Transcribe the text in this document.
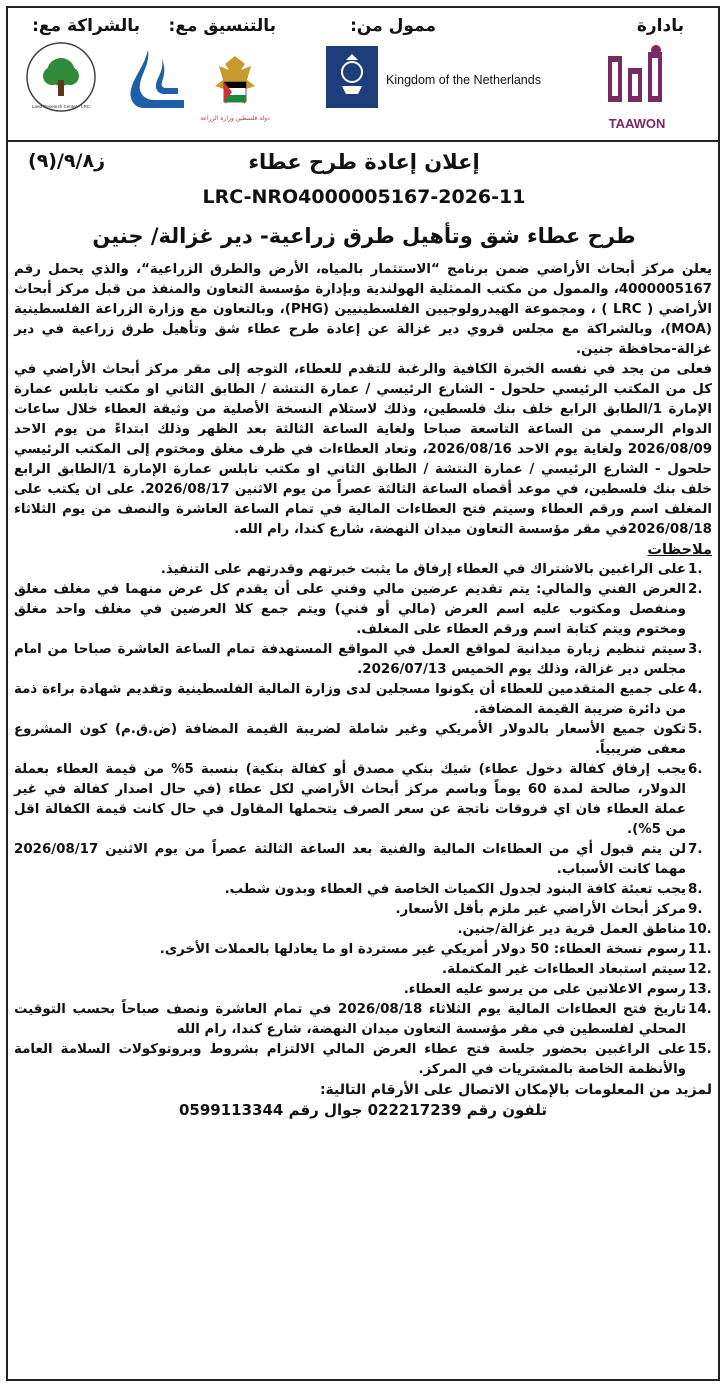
بادارة
ممول من:
بالتنسيق مع:
بالشراكة مع:
TAAWON
Kingdom of the Netherlands
دولة فلسطين وزارة الزراعة
Land Research Center - LRC
إعلان إعادة طرح عطاء
ز٩/٨/(٩)
LRC-NRO4000005167-2026-11
طرح عطاء شق وتأهيل طرق زراعية- دير غزالة/ جنين

يعلن مركز أبحاث الأراضي ضمن برنامج “الاستثمار بالمياه، الأرض والطرق الزراعية“، والذي يحمل رقم 4000005167، والممول من مكتب الممثلية الهولندية وبإدارة مؤسسة التعاون والمنفذ من قبل مركز أبحاث الأراضي ( LRC ) ، ومجموعة الهيدرولوجيين الفلسطينيين (PHG)، وبالتعاون مع وزارة الزراعة الفلسطينية (MOA)، وبالشراكة مع مجلس قروي دير غزالة عن إعادة طرح عطاء شق وتأهيل طرق زراعية في دير غزالة-محافظة جنين.

فعلى من يجد في نفسه الخبرة الكافية والرغبة للتقدم للعطاء، التوجه إلى مقر مركز أبحاث الأراضي في كل من المكتب الرئيسي حلحول - الشارع الرئيسي / عمارة النتشة / الطابق الثاني او مكتب نابلس عمارة الإمارة 1/الطابق الرابع خلف بنك فلسطين، وذلك لاستلام النسخة الأصلية من وثيقة العطاء خلال ساعات الدوام الرسمي من الساعة التاسعة صباحا ولغاية الساعة الثالثة بعد الظهر وذلك ابتداءً من يوم الاحد 2026/08/09 ولغاية يوم الاحد 2026/08/16، وتعاد العطاءات في ظرف مغلق ومختوم إلى المكتب الرئيسي حلحول - الشارع الرئيسي / عمارة النتشة / الطابق الثاني او مكتب نابلس عمارة الإمارة 1/الطابق الرابع خلف بنك فلسطين، في موعد أقصاه الساعة الثالثة عصراً من يوم الاثنين 2026/08/17. على ان يكتب على المغلف اسم ورقم العطاء وسيتم فتح العطاءات المالية في تمام الساعة العاشرة والنصف من يوم الثلاثاء 2026/08/18في مقر مؤسسة التعاون ميدان النهضة، شارع كندا، رام الله.

ملاحظات

1.
على الراغبين بالاشتراك في العطاء إرفاق ما يثبت خبرتهم وقدرتهم على التنفيذ.
2.
العرض الفني والمالي: يتم تقديم عرضين مالي وفني على أن يقدم كل عرض منهما في مغلف مغلق ومنفصل ومكتوب عليه اسم العرض (مالي أو فني) ويتم جمع كلا العرضين في مغلف واحد مغلق ومختوم ويتم كتابة اسم ورقم العطاء على المغلف.
3.
سيتم تنظيم زيارة ميدانية لمواقع العمل في المواقع المستهدفة تمام الساعة العاشرة صباحا من امام مجلس دير غزالة، وذلك يوم الخميس 2026/07/13.
4.
على جميع المتقدمين للعطاء أن يكونوا مسجلين لدى وزارة المالية الفلسطينية وتقديم شهادة براءة ذمة من دائرة ضريبة القيمة المضافة.
5.
تكون جميع الأسعار بالدولار الأمريكي وغير شاملة لضريبة القيمة المضافة (ض.ق.م) كون المشروع معفى ضريبياً.
6.
يجب إرفاق كفالة دخول عطاء) شيك بنكي مصدق أو كفالة بنكية) بنسبة 5% من قيمة العطاء بعملة الدولار، صالحة لمدة 60 يوماً وباسم مركز أبحاث الأراضي لكل عطاء (في حال اصدار كفالة في غير عملة العطاء فان اي فروقات ناتجة عن سعر الصرف يتحملها المقاول في حال كانت قيمة الكفالة اقل من 5%).
7.
لن يتم قبول أي من العطاءات المالية والفنية بعد الساعة الثالثة عصراً من يوم الاثنين 2026/08/17 مهما كانت الأسباب.
8.
يجب تعبئة كافة البنود لجدول الكميات الخاصة في العطاء وبدون شطب.
9.
مركز أبحاث الأراضي غير ملزم بأقل الأسعار.
10.
مناطق العمل قرية دير غزالة/جنين.
11.
رسوم نسخة العطاء: 50 دولار أمريكي غير مستردة او ما يعادلها بالعملات الأخرى.
12.
سيتم استبعاد العطاءات غير المكتملة.
13.
رسوم الاعلانين على من يرسو عليه العطاء.
14.
تاريخ فتح العطاءات المالية يوم الثلاثاء 2026/08/18 في تمام العاشرة ونصف صباحاً بحسب التوقيت المحلي لفلسطين في مقر مؤسسة التعاون ميدان النهضة، شارع كندا، رام الله
15.
على الراغبين بحضور جلسة فتح عطاء العرض المالي الالتزام بشروط وبروتوكولات السلامة العامة والأنظمة الخاصة بالمشتريات في المركز.

لمزيد من المعلومات بالإمكان الاتصال على الأرقام التالية:

تلفون رقم 022217239 جوال رقم 0599113344
